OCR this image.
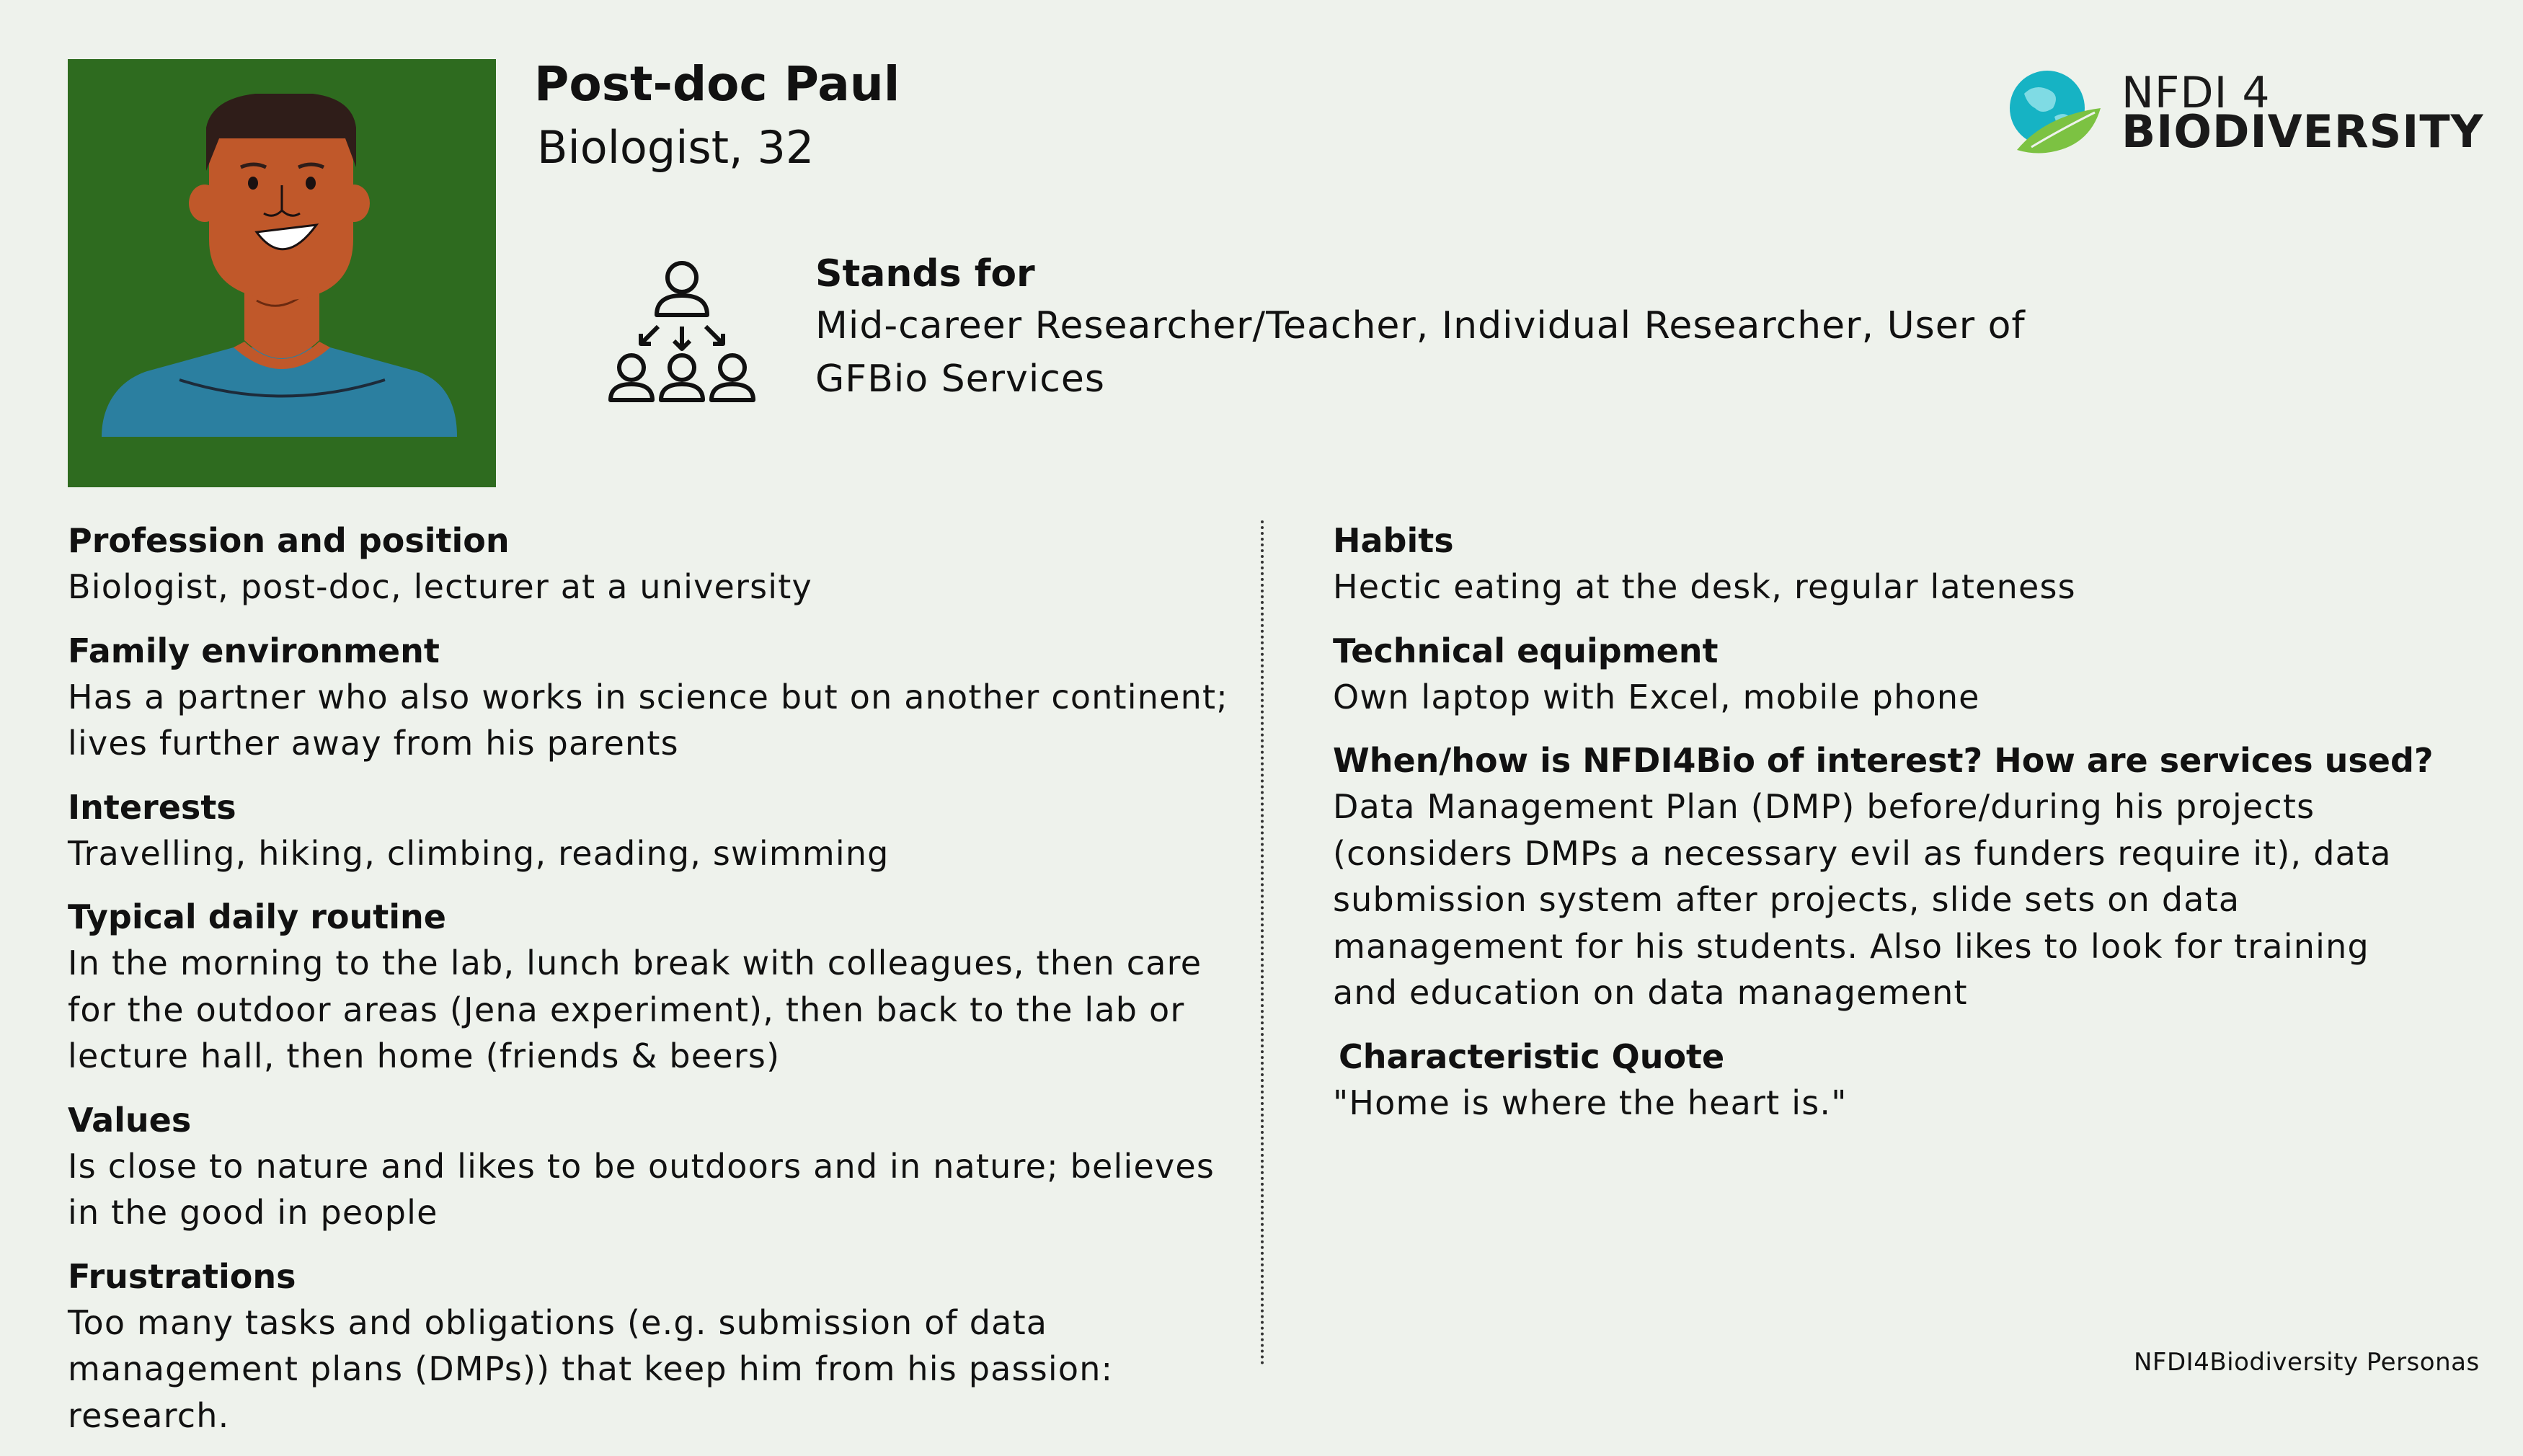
Post-doc Paul
Biologist, 32
NFDI 4
BIODIVERSITY
Stands for
Mid-career Researcher/Teacher, Individual Researcher, User of GFBio Services
Profession and position
Biologist, post-doc, lecturer at a university
Family environment
Has a partner who also works in science but on another continent; lives further away from his parents
Interests
Travelling, hiking, climbing, reading, swimming
Typical daily routine
In the morning to the lab, lunch break with colleagues, then care for the outdoor areas (Jena experiment), then back to the lab or lecture hall, then home (friends & beers)
Values
Is close to nature and likes to be outdoors and in nature; believes in the good in people
Frustrations
Too many tasks and obligations (e.g. submission of data management plans (DMPs)) that keep him from his passion: research.
Habits
Hectic eating at the desk, regular lateness
Technical equipment
Own laptop with Excel, mobile phone
When/how is NFDI4Bio of interest? How are services used?
Data Management Plan (DMP) before/during his projects (considers DMPs a necessary evil as funders require it), data submission system after projects, slide sets on data management for his students. Also likes to look for training and education on data management
Characteristic Quote
"Home is where the heart is."
NFDI4Biodiversity Personas
